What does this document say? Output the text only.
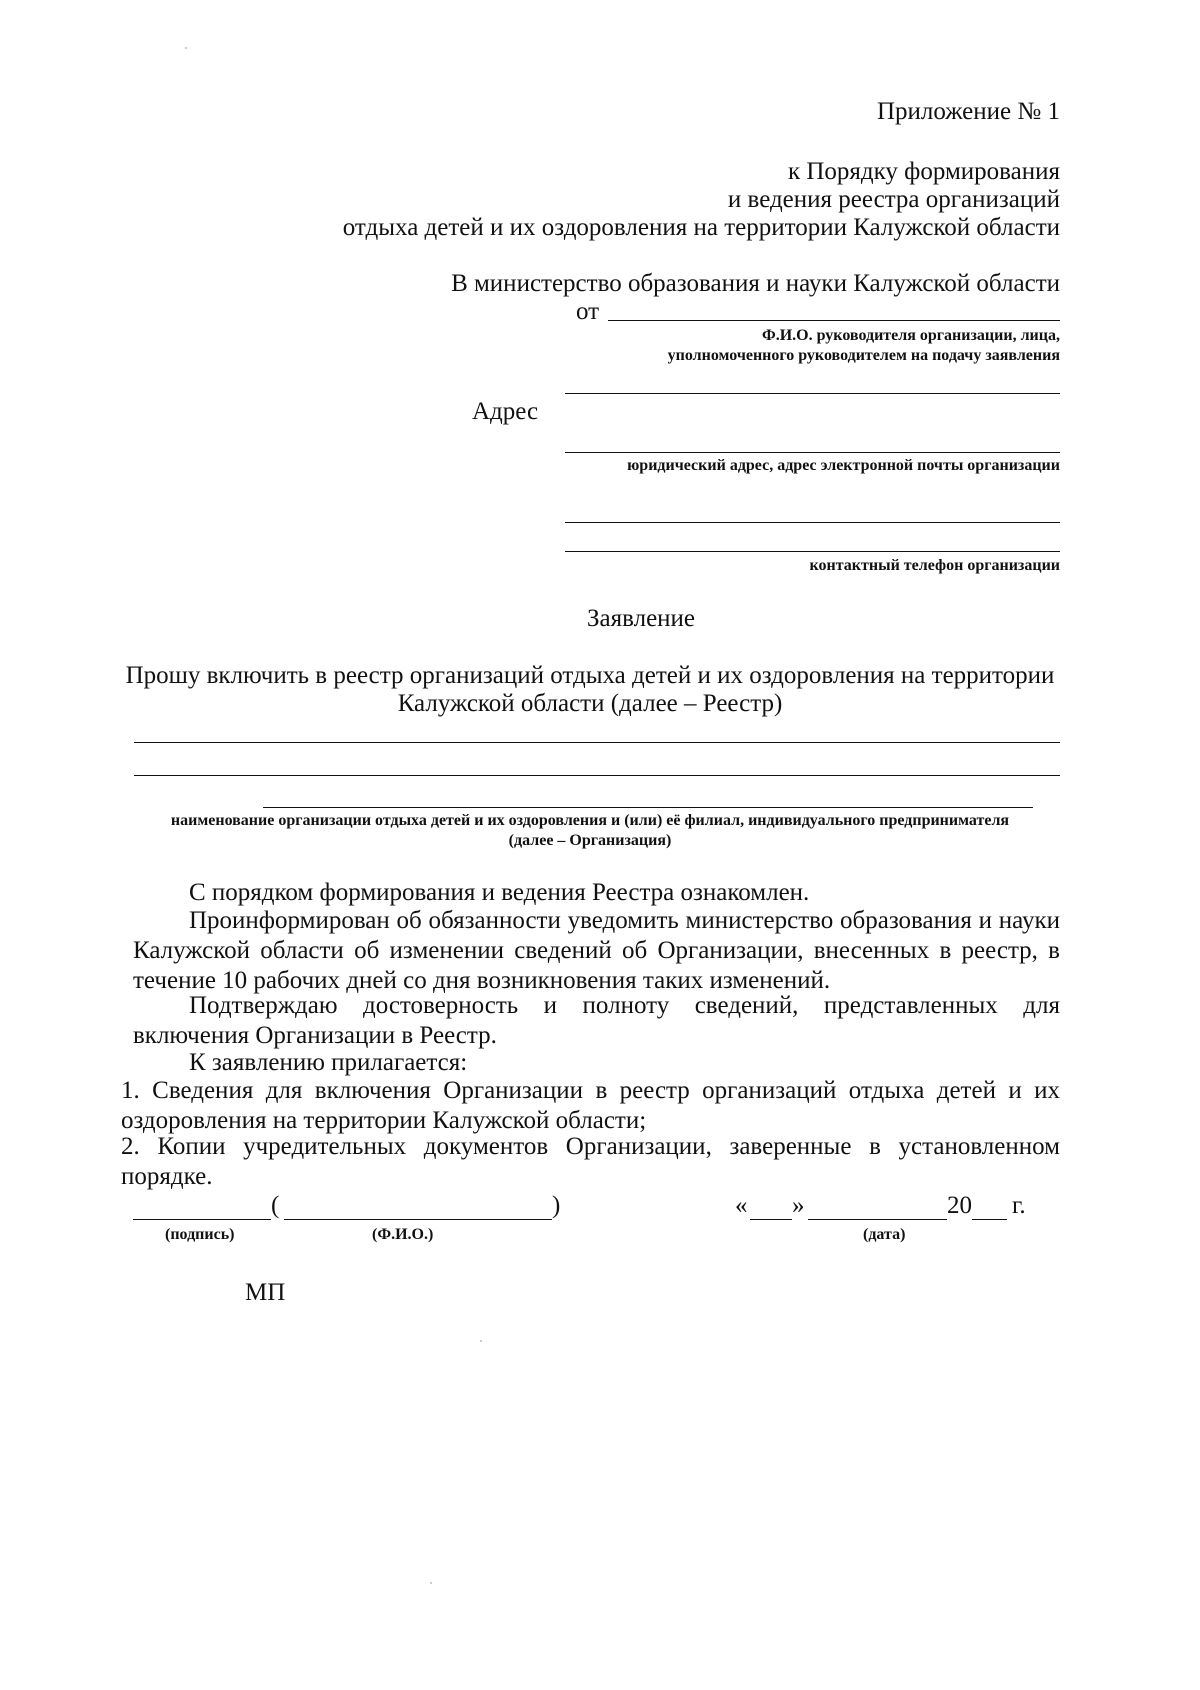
Приложение № 1
к Порядку формирования
и ведения реестра организаций
отдыха детей и их оздоровления на территории Калужской области
В министерство образования и науки Калужской области
от
Ф.И.О. руководителя организации, лица,
уполномоченного руководителем на подачу заявления
Адрес
юридический адрес, адрес электронной почты организации
контактный телефон организации
Заявление
Прошу включить в реестр организаций отдыха детей и их оздоровления на территории
Калужской области (далее – Реестр)
наименование организации отдыха детей и их оздоровления и (или) её филиал, индивидуального предпринимателя
(далее – Организация)
С порядком формирования и ведения Реестра ознакомлен.
Проинформирован об обязанности уведомить министерство образования и науки Калужской области об изменении сведений об Организации, внесенных в реестр, в течение 10 рабочих дней со дня возникновения таких изменений.
Подтверждаю достоверность и полноту сведений, представленных для включения Организации в Реестр.
К заявлению прилагается:
1. Сведения для включения Организации в реестр организаций отдыха детей и их оздоровления на территории Калужской области;
2. Копии учредительных документов Организации, заверенные в установленном порядке.
(	)	« »	20 г.
(подпись)	(Ф.И.О.)	(дата)
МП
